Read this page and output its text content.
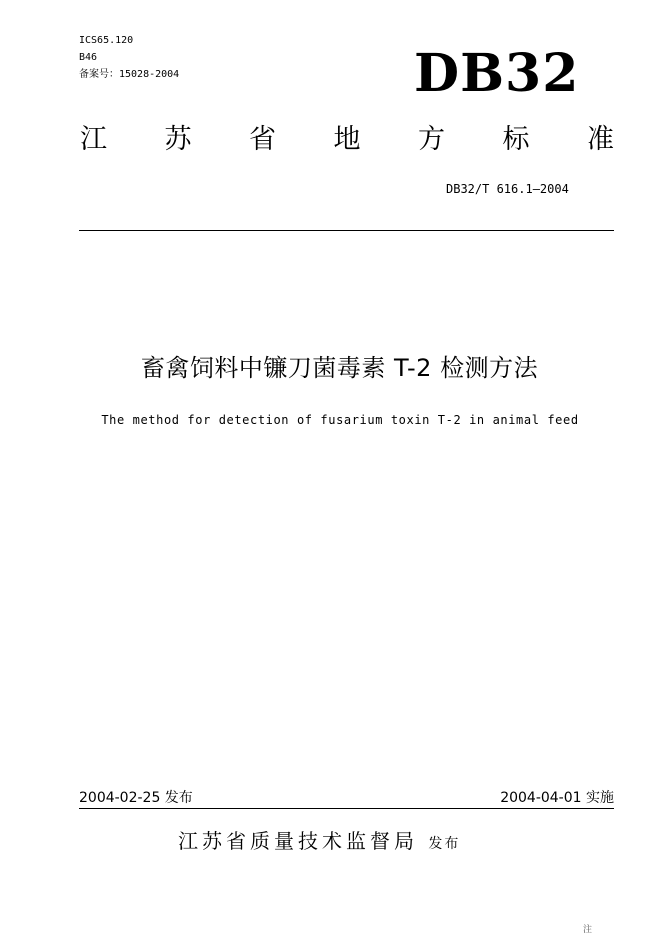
ICS65.120
B46
备案号：15028-2004	DB32
江 苏 省 地 方 标 准
DB32/T 616.1—2004
畜禽饲料中镰刀菌毒素 T-2 检测方法
The method for detection of fusarium toxin T-2 in animal feed
2004-02-25 发布	2004-04-01 实施
江苏省质量技术监督局 发布
注
